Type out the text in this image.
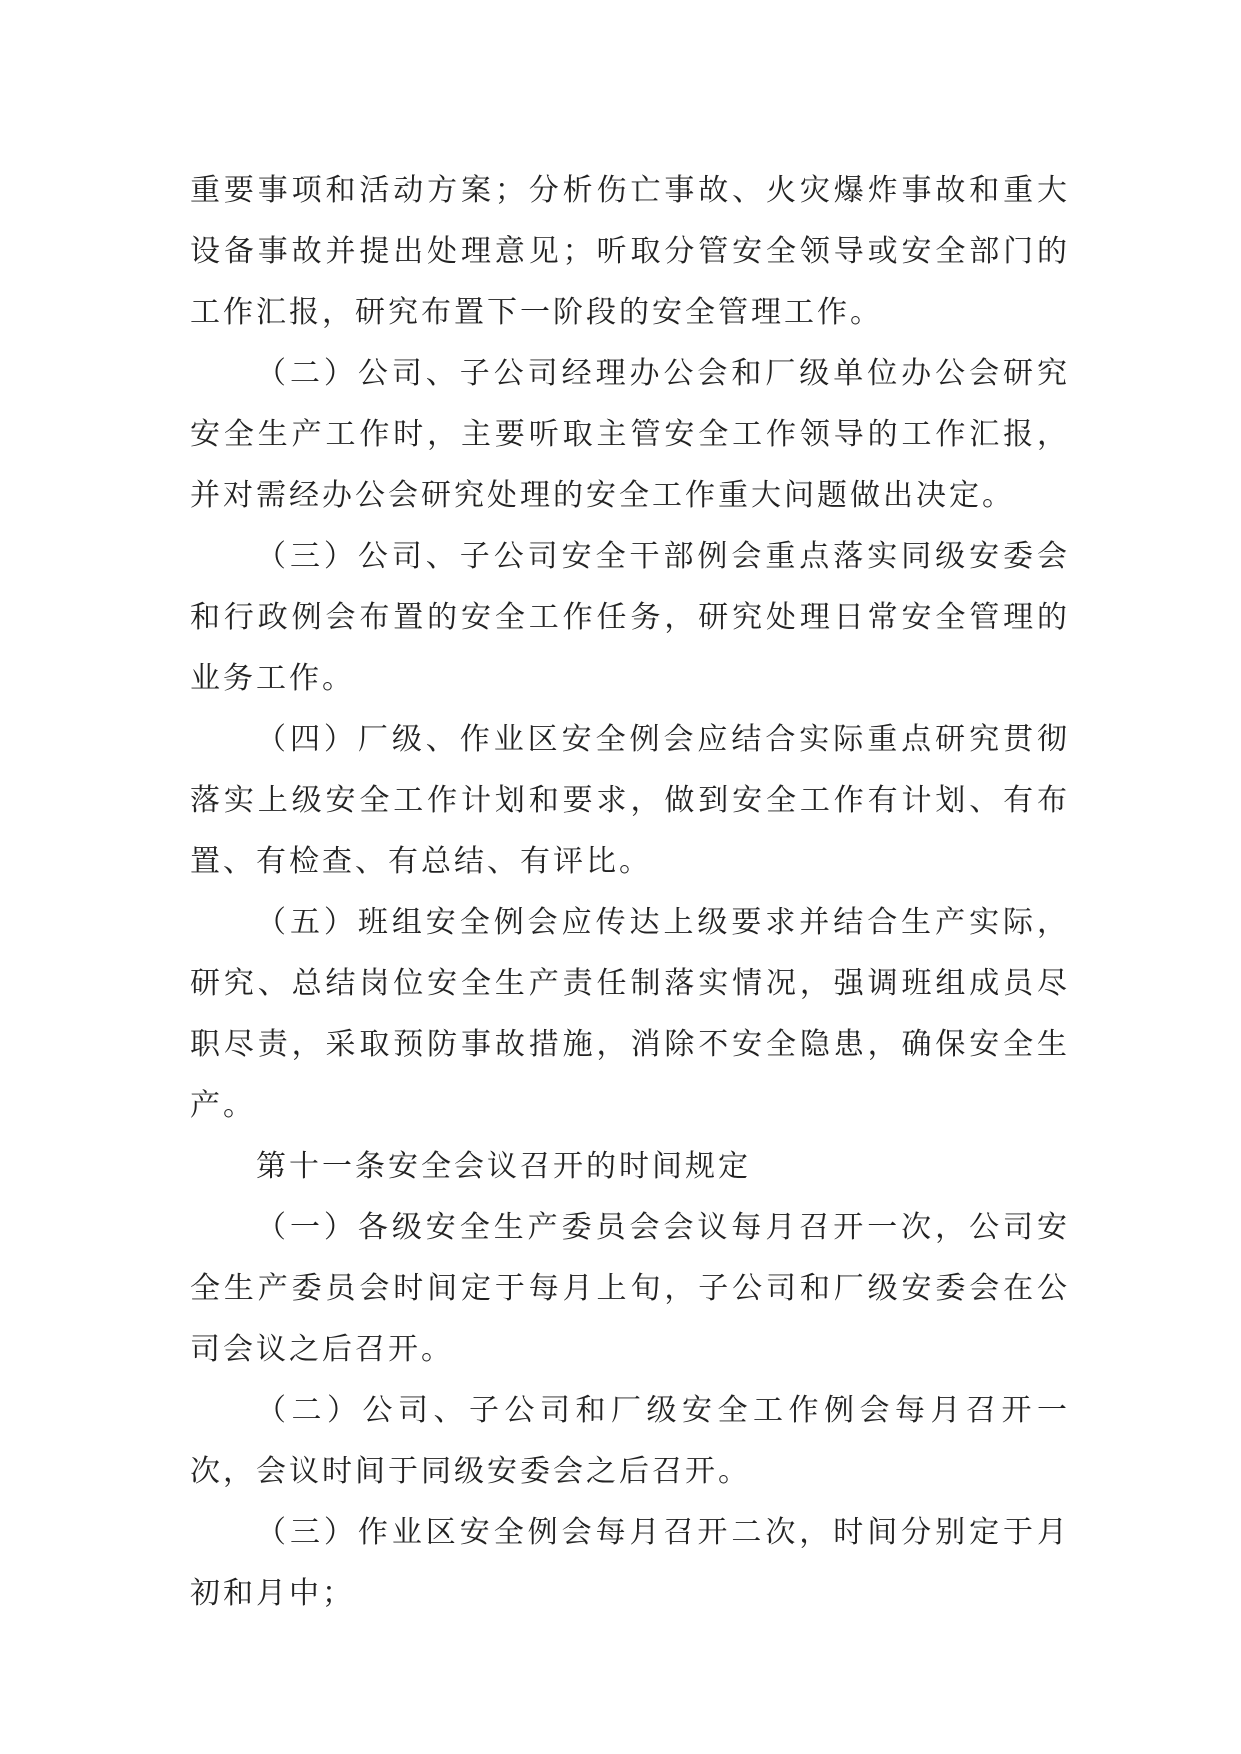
重要事项和活动方案；分析伤亡事故、火灾爆炸事故和重大设备事故并提出处理意见；听取分管安全领导或安全部门的工作汇报，研究布置下一阶段的安全管理工作。

（二）公司、子公司经理办公会和厂级单位办公会研究安全生产工作时，主要听取主管安全工作领导的工作汇报，并对需经办公会研究处理的安全工作重大问题做出决定。

（三）公司、子公司安全干部例会重点落实同级安委会和行政例会布置的安全工作任务，研究处理日常安全管理的业务工作。

（四）厂级、作业区安全例会应结合实际重点研究贯彻落实上级安全工作计划和要求，做到安全工作有计划、有布置、有检查、有总结、有评比。

（五）班组安全例会应传达上级要求并结合生产实际，研究、总结岗位安全生产责任制落实情况，强调班组成员尽职尽责，采取预防事故措施，消除不安全隐患，确保安全生产。

第十一条安全会议召开的时间规定

（一）各级安全生产委员会会议每月召开一次，公司安全生产委员会时间定于每月上旬，子公司和厂级安委会在公司会议之后召开。

（二）公司、子公司和厂级安全工作例会每月召开一次，会议时间于同级安委会之后召开。

（三）作业区安全例会每月召开二次，时间分别定于月初和月中；
